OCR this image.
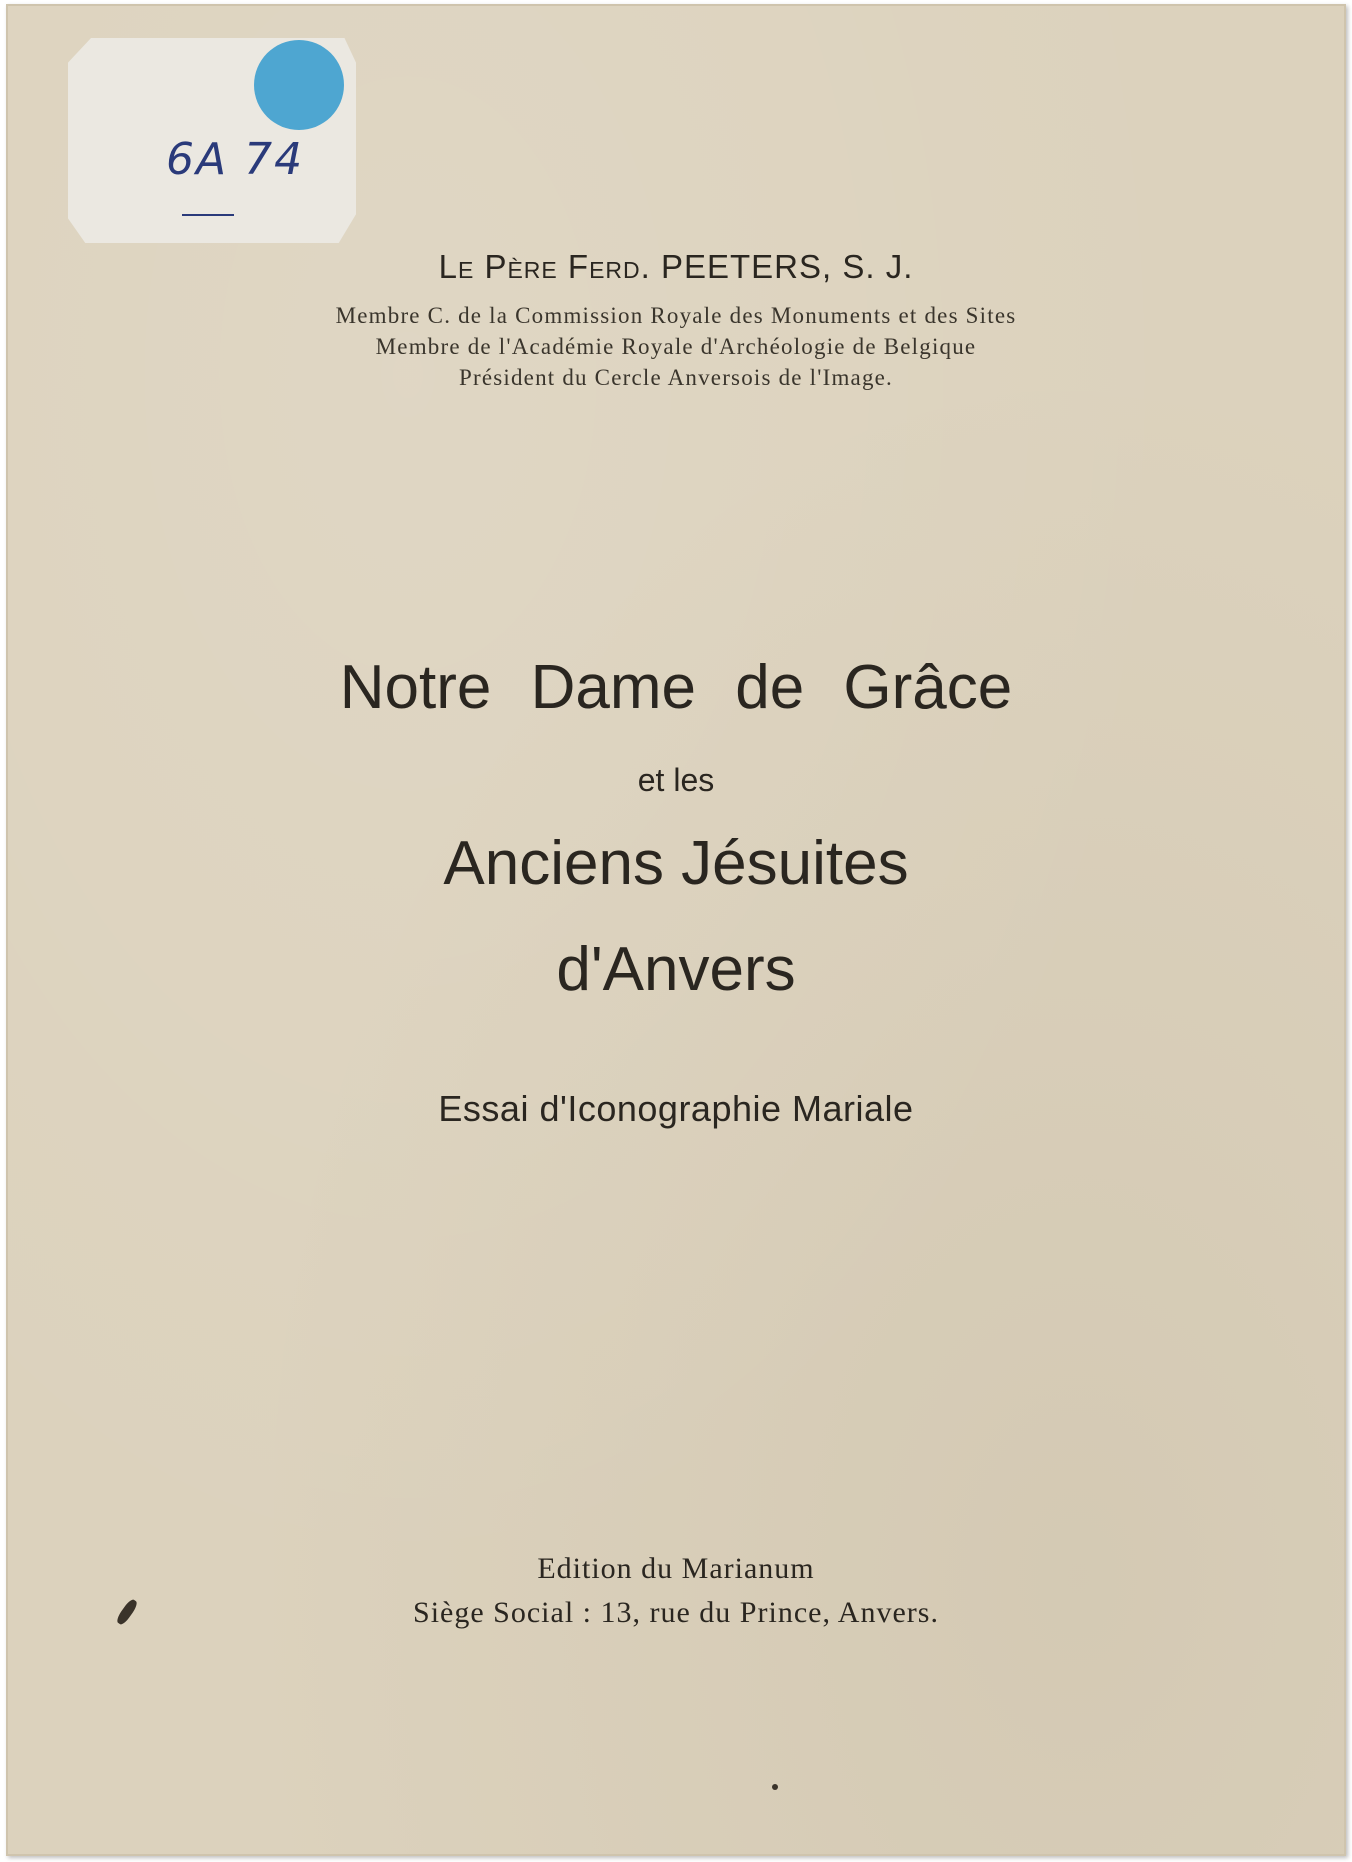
6A 74
Le Père Ferd. PEETERS, S. J.
Membre C. de la Commission Royale des Monuments et des Sites
Membre de l'Académie Royale d'Archéologie de Belgique
Président du Cercle Anversois de l'Image.
Notre Dame de Grâce
et les
Anciens Jésuites
d'Anvers
Essai d'Iconographie Mariale
Edition du Marianum
Siège Social : 13, rue du Prince, Anvers.
